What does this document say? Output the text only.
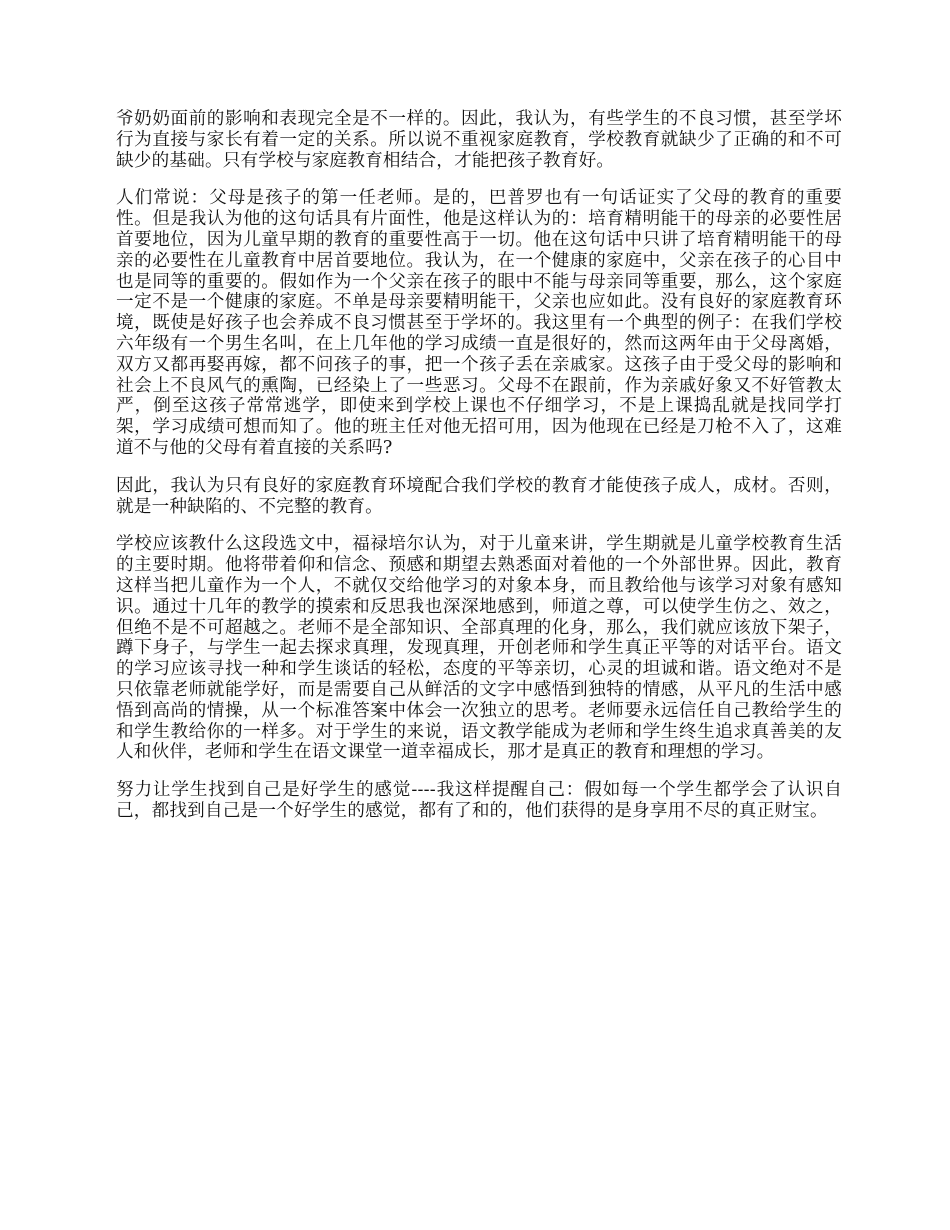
爷奶奶面前的影响和表现完全是不一样的。因此，我认为，有些学生的不良习惯，甚至学坏行为直接与家长有着一定的关系。所以说不重视家庭教育，学校教育就缺少了正确的和不可缺少的基础。只有学校与家庭教育相结合，才能把孩子教育好。

人们常说：父母是孩子的第一任老师。是的，巴普罗也有一句话证实了父母的教育的重要性。但是我认为他的这句话具有片面性，他是这样认为的：培育精明能干的母亲的必要性居首要地位，因为儿童早期的教育的重要性高于一切。他在这句话中只讲了培育精明能干的母亲的必要性在儿童教育中居首要地位。我认为，在一个健康的家庭中，父亲在孩子的心目中也是同等的重要的。假如作为一个父亲在孩子的眼中不能与母亲同等重要，那么，这个家庭一定不是一个健康的家庭。不单是母亲要精明能干，父亲也应如此。没有良好的家庭教育环境，既使是好孩子也会养成不良习惯甚至于学坏的。我这里有一个典型的例子：在我们学校六年级有一个男生名叫，在上几年他的学习成绩一直是很好的，然而这两年由于父母离婚，双方又都再娶再嫁，都不问孩子的事，把一个孩子丢在亲戚家。这孩子由于受父母的影响和社会上不良风气的熏陶，已经染上了一些恶习。父母不在跟前，作为亲戚好象又不好管教太严，倒至这孩子常常逃学，即使来到学校上课也不仔细学习，不是上课捣乱就是找同学打架，学习成绩可想而知了。他的班主任对他无招可用，因为他现在已经是刀枪不入了，这难道不与他的父母有着直接的关系吗?

因此，我认为只有良好的家庭教育环境配合我们学校的教育才能使孩子成人，成材。否则，就是一种缺陷的、不完整的教育。

学校应该教什么这段选文中，福禄培尔认为，对于儿童来讲，学生期就是儿童学校教育生活的主要时期。他将带着仰和信念、预感和期望去熟悉面对着他的一个外部世界。因此，教育这样当把儿童作为一个人，不就仅交给他学习的对象本身，而且教给他与该学习对象有感知识。通过十几年的教学的摸索和反思我也深深地感到，师道之尊，可以使学生仿之、效之，但绝不是不可超越之。老师不是全部知识、全部真理的化身，那么，我们就应该放下架子，蹲下身子，与学生一起去探求真理，发现真理，开创老师和学生真正平等的对话平台。语文的学习应该寻找一种和学生谈话的轻松，态度的平等亲切，心灵的坦诚和谐。语文绝对不是只依靠老师就能学好，而是需要自己从鲜活的文字中感悟到独特的情感，从平凡的生活中感悟到高尚的情操，从一个标准答案中体会一次独立的思考。老师要永远信任自己教给学生的和学生教给你的一样多。对于学生的来说，语文教学能成为老师和学生终生追求真善美的友人和伙伴，老师和学生在语文课堂一道幸福成长，那才是真正的教育和理想的学习。

努力让学生找到自己是好学生的感觉----我这样提醒自己：假如每一个学生都学会了认识自己，都找到自己是一个好学生的感觉，都有了和的，他们获得的是身享用不尽的真正财宝。
